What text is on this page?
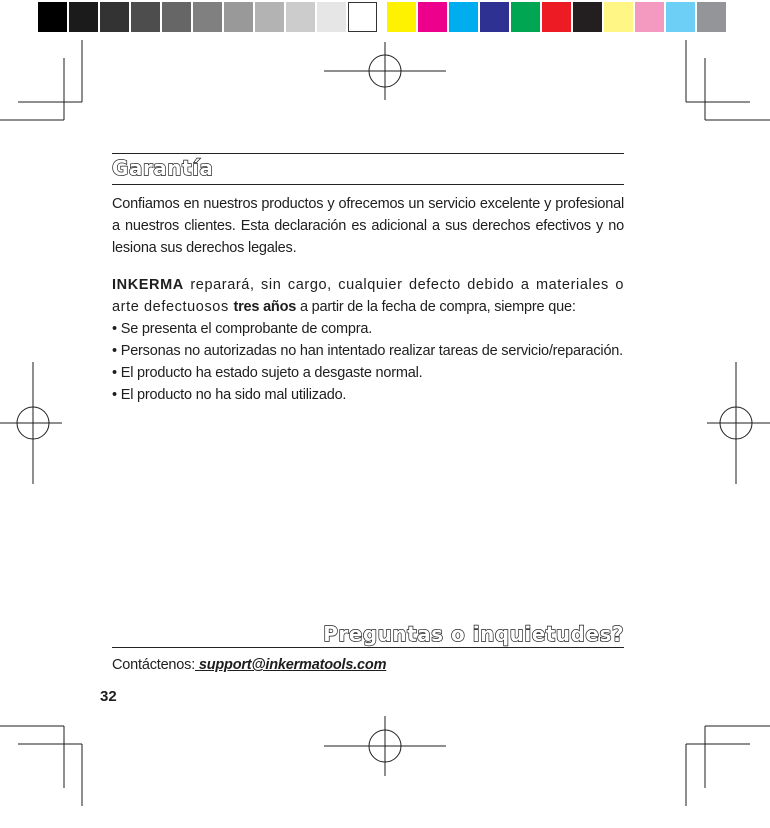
Garantía
Confiamos en nuestros productos y ofrecemos un servicio excelente y profesional a nuestros clientes. Esta declaración es adicional a sus derechos efectivos y no lesiona sus derechos legales.
INKERMA reparará, sin cargo, cualquier defecto debido a materiales o arte defectuosos tres años a partir de la fecha de compra, siempre que:
• Se presenta el comprobante de compra.
• Personas no autorizadas no han intentado realizar tareas de servicio/reparación.
• El producto ha estado sujeto a desgaste normal.
• El producto no ha sido mal utilizado.
Preguntas o inquietudes?
Contáctenos: support@inkermatools.com
32
